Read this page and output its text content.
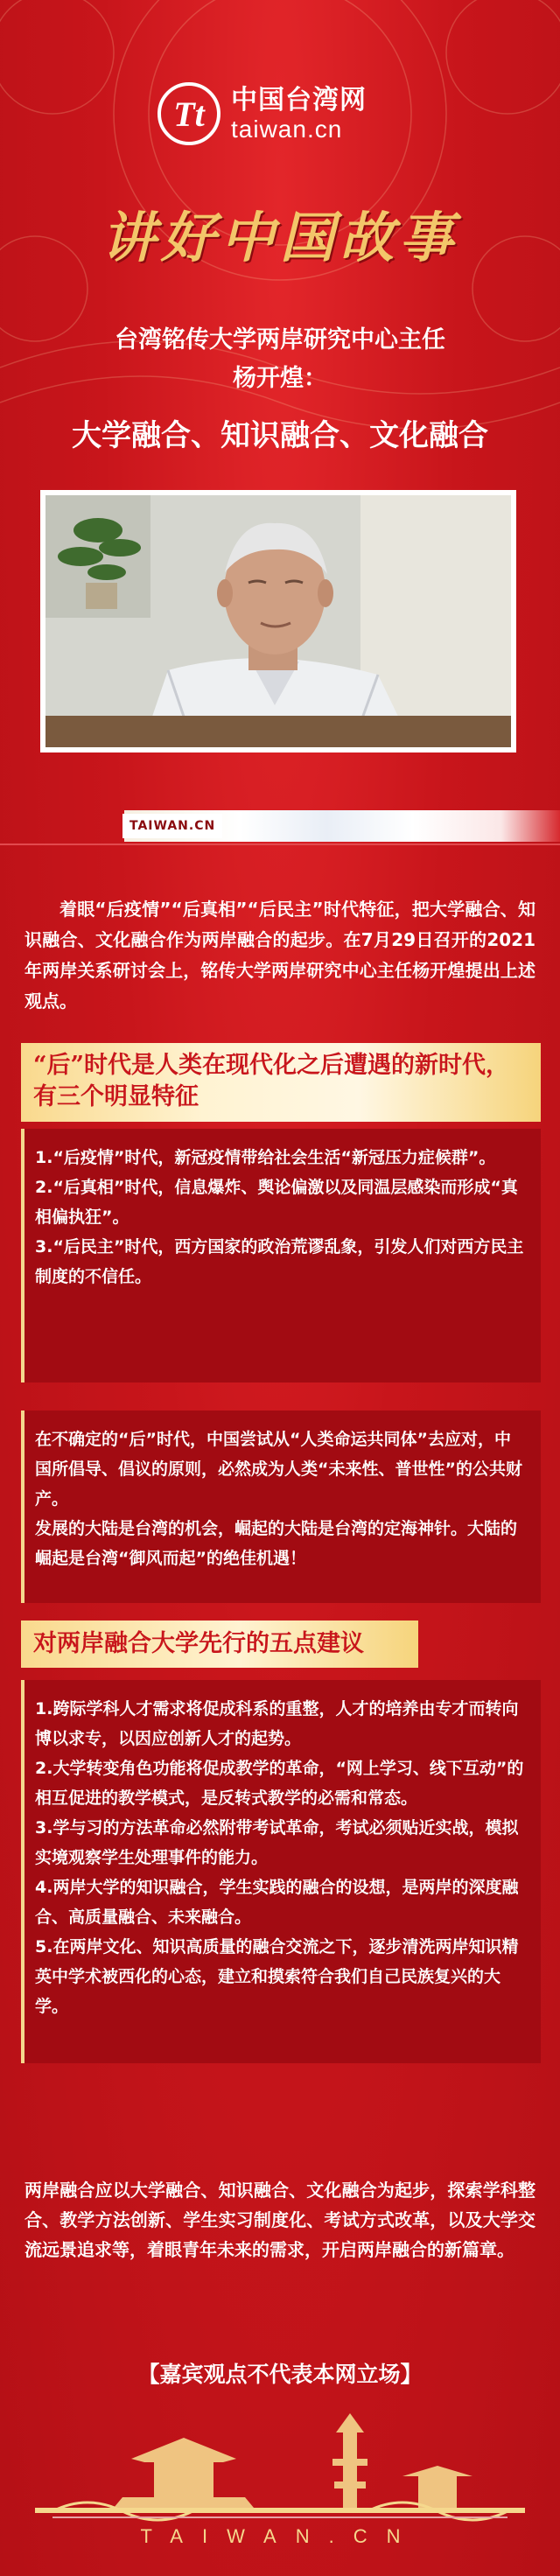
Tt	中国台湾网
taiwan.cn
讲好中国故事
台湾铭传大学两岸研究中心主任
杨开煌：
大学融合、知识融合、文化融合
TAIWAN.CN
着眼“后疫情”“后真相”“后民主”时代特征，把大学融合、知识融合、文化融合作为两岸融合的起步。在7月29日召开的2021年两岸关系研讨会上，铭传大学两岸研究中心主任杨开煌提出上述观点。
“后”时代是人类在现代化之后遭遇的新时代，有三个明显特征

1.“后疫情”时代，新冠疫情带给社会生活“新冠压力症候群”。

2.“后真相”时代，信息爆炸、舆论偏激以及同温层感染而形成“真相偏执狂”。

3.“后民主”时代，西方国家的政治荒谬乱象，引发人们对西方民主制度的不信任。

在不确定的“后”时代，中国尝试从“人类命运共同体”去应对，中国所倡导、倡议的原则，必然成为人类“未来性、普世性”的公共财产。

发展的大陆是台湾的机会，崛起的大陆是台湾的定海神针。大陆的崛起是台湾“御风而起”的绝佳机遇！

对两岸融合大学先行的五点建议

1.跨际学科人才需求将促成科系的重整，人才的培养由专才而转向博以求专，以因应创新人才的起势。

2.大学转变角色功能将促成教学的革命，“网上学习、线下互动”的相互促进的教学模式，是反转式教学的必需和常态。

3.学与习的方法革命必然附带考试革命，考试必须贴近实战，模拟实境观察学生处理事件的能力。

4.两岸大学的知识融合，学生实践的融合的设想，是两岸的深度融合、高质量融合、未来融合。

5.在两岸文化、知识高质量的融合交流之下，逐步清洗两岸知识精英中学术被西化的心态，建立和摸索符合我们自己民族复兴的大学。

两岸融合应以大学融合、知识融合、文化融合为起步，探索学科整合、教学方法创新、学生实习制度化、考试方式改革，以及大学交流远景追求等，着眼青年未来的需求，开启两岸融合的新篇章。
【嘉宾观点不代表本网立场】
TAIWAN.CN
